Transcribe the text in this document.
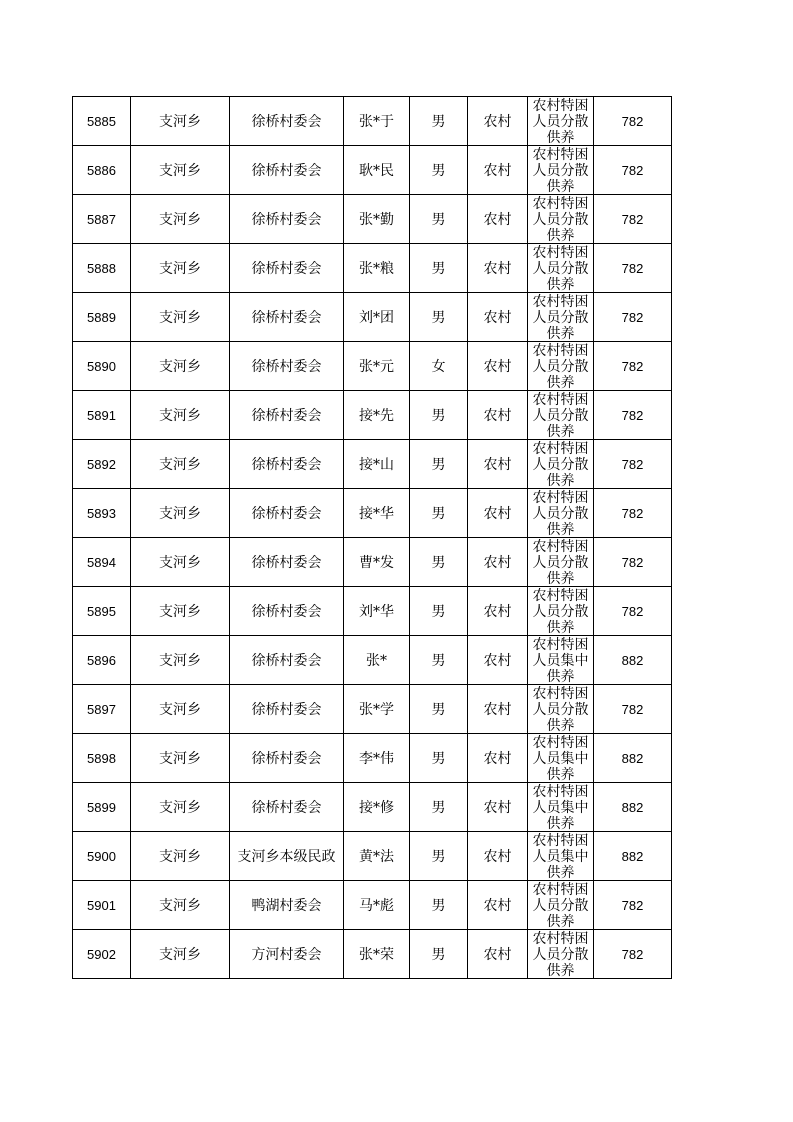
5885	支河乡	徐桥村委会	张*于	男	农村	农村特困人员分散供养	782
5886	支河乡	徐桥村委会	耿*民	男	农村	农村特困人员分散供养	782
5887	支河乡	徐桥村委会	张*勤	男	农村	农村特困人员分散供养	782
5888	支河乡	徐桥村委会	张*粮	男	农村	农村特困人员分散供养	782
5889	支河乡	徐桥村委会	刘*团	男	农村	农村特困人员分散供养	782
5890	支河乡	徐桥村委会	张*元	女	农村	农村特困人员分散供养	782
5891	支河乡	徐桥村委会	接*先	男	农村	农村特困人员分散供养	782
5892	支河乡	徐桥村委会	接*山	男	农村	农村特困人员分散供养	782
5893	支河乡	徐桥村委会	接*华	男	农村	农村特困人员分散供养	782
5894	支河乡	徐桥村委会	曹*发	男	农村	农村特困人员分散供养	782
5895	支河乡	徐桥村委会	刘*华	男	农村	农村特困人员分散供养	782
5896	支河乡	徐桥村委会	张*	男	农村	农村特困人员集中供养	882
5897	支河乡	徐桥村委会	张*学	男	农村	农村特困人员分散供养	782
5898	支河乡	徐桥村委会	李*伟	男	农村	农村特困人员集中供养	882
5899	支河乡	徐桥村委会	接*修	男	农村	农村特困人员集中供养	882
5900	支河乡	支河乡本级民政	黄*法	男	农村	农村特困人员集中供养	882
5901	支河乡	鸭湖村委会	马*彪	男	农村	农村特困人员分散供养	782
5902	支河乡	方河村委会	张*荣	男	农村	农村特困人员分散供养	782
